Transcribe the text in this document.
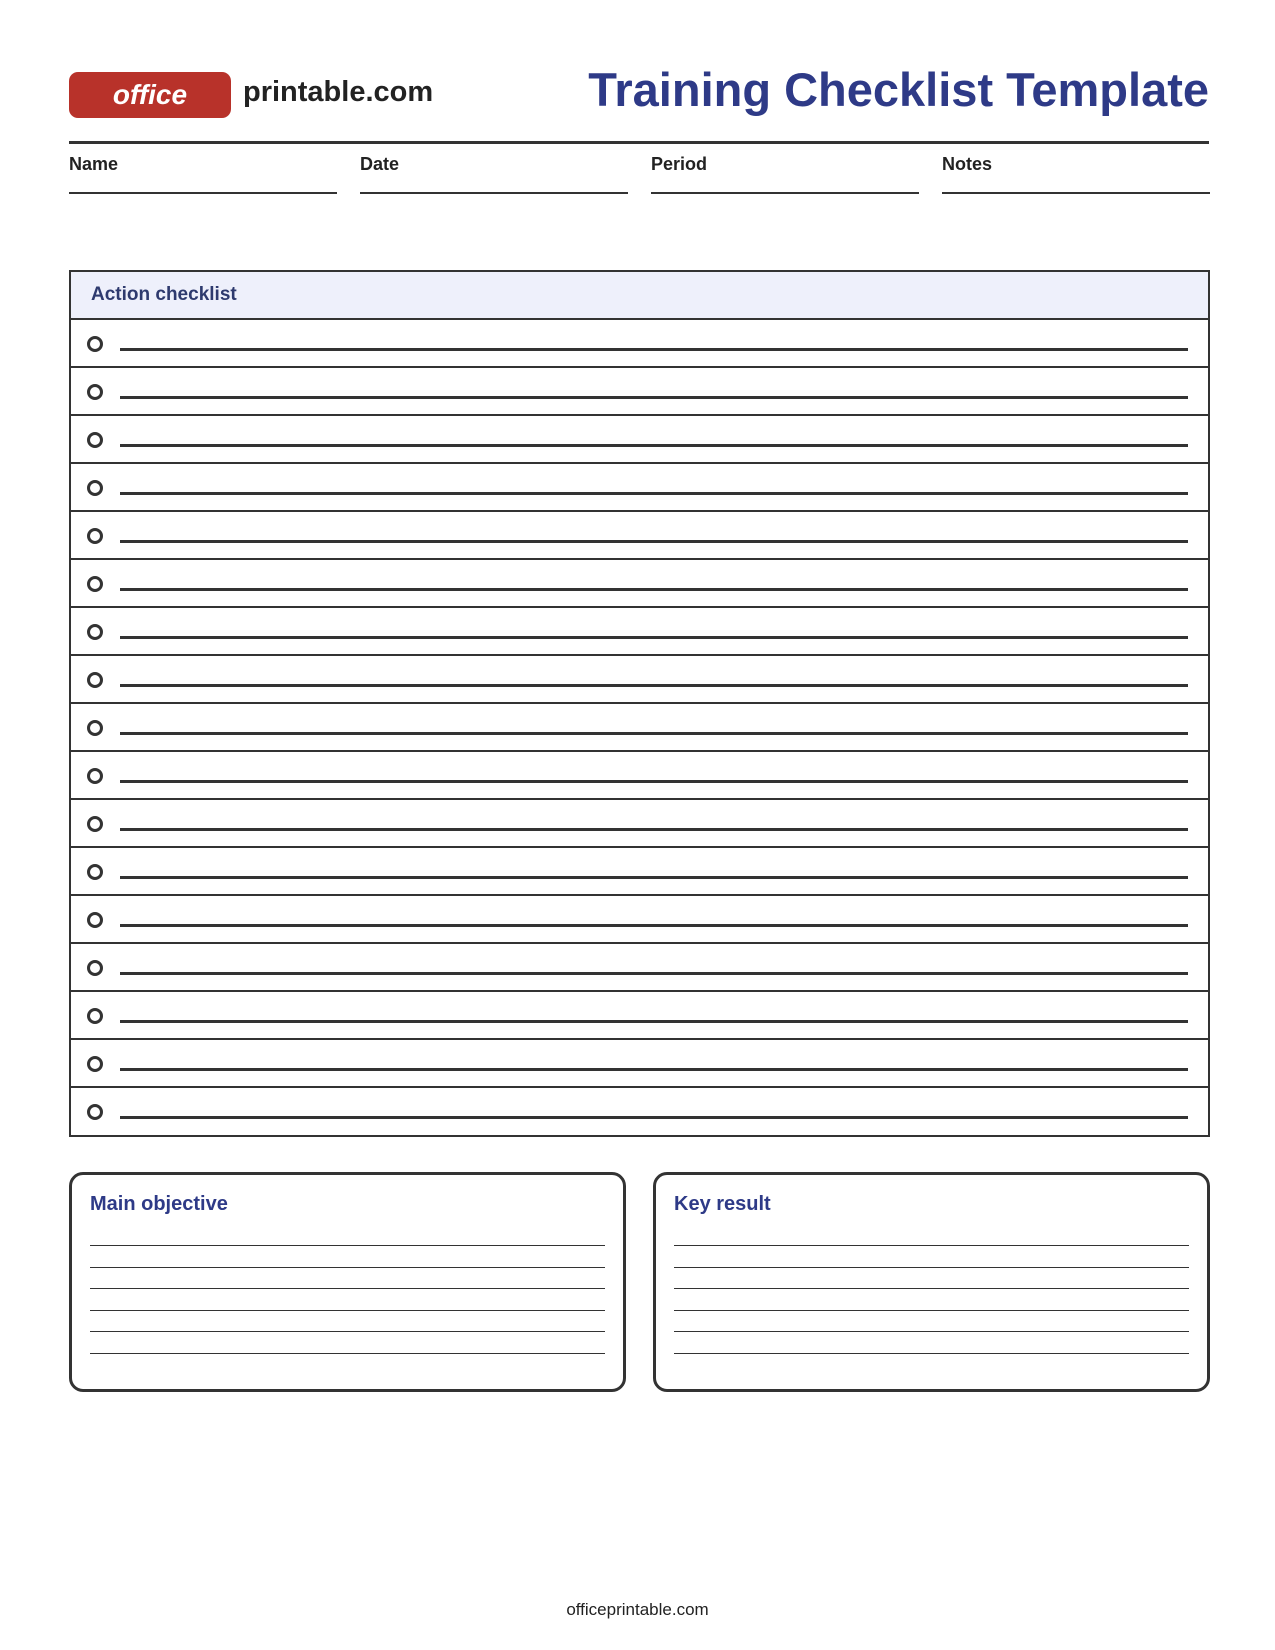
office printable.com	Training Checklist Template
Name	Date	Period	Notes
Action checklist
Main objective	Key result
officeprintable.com
